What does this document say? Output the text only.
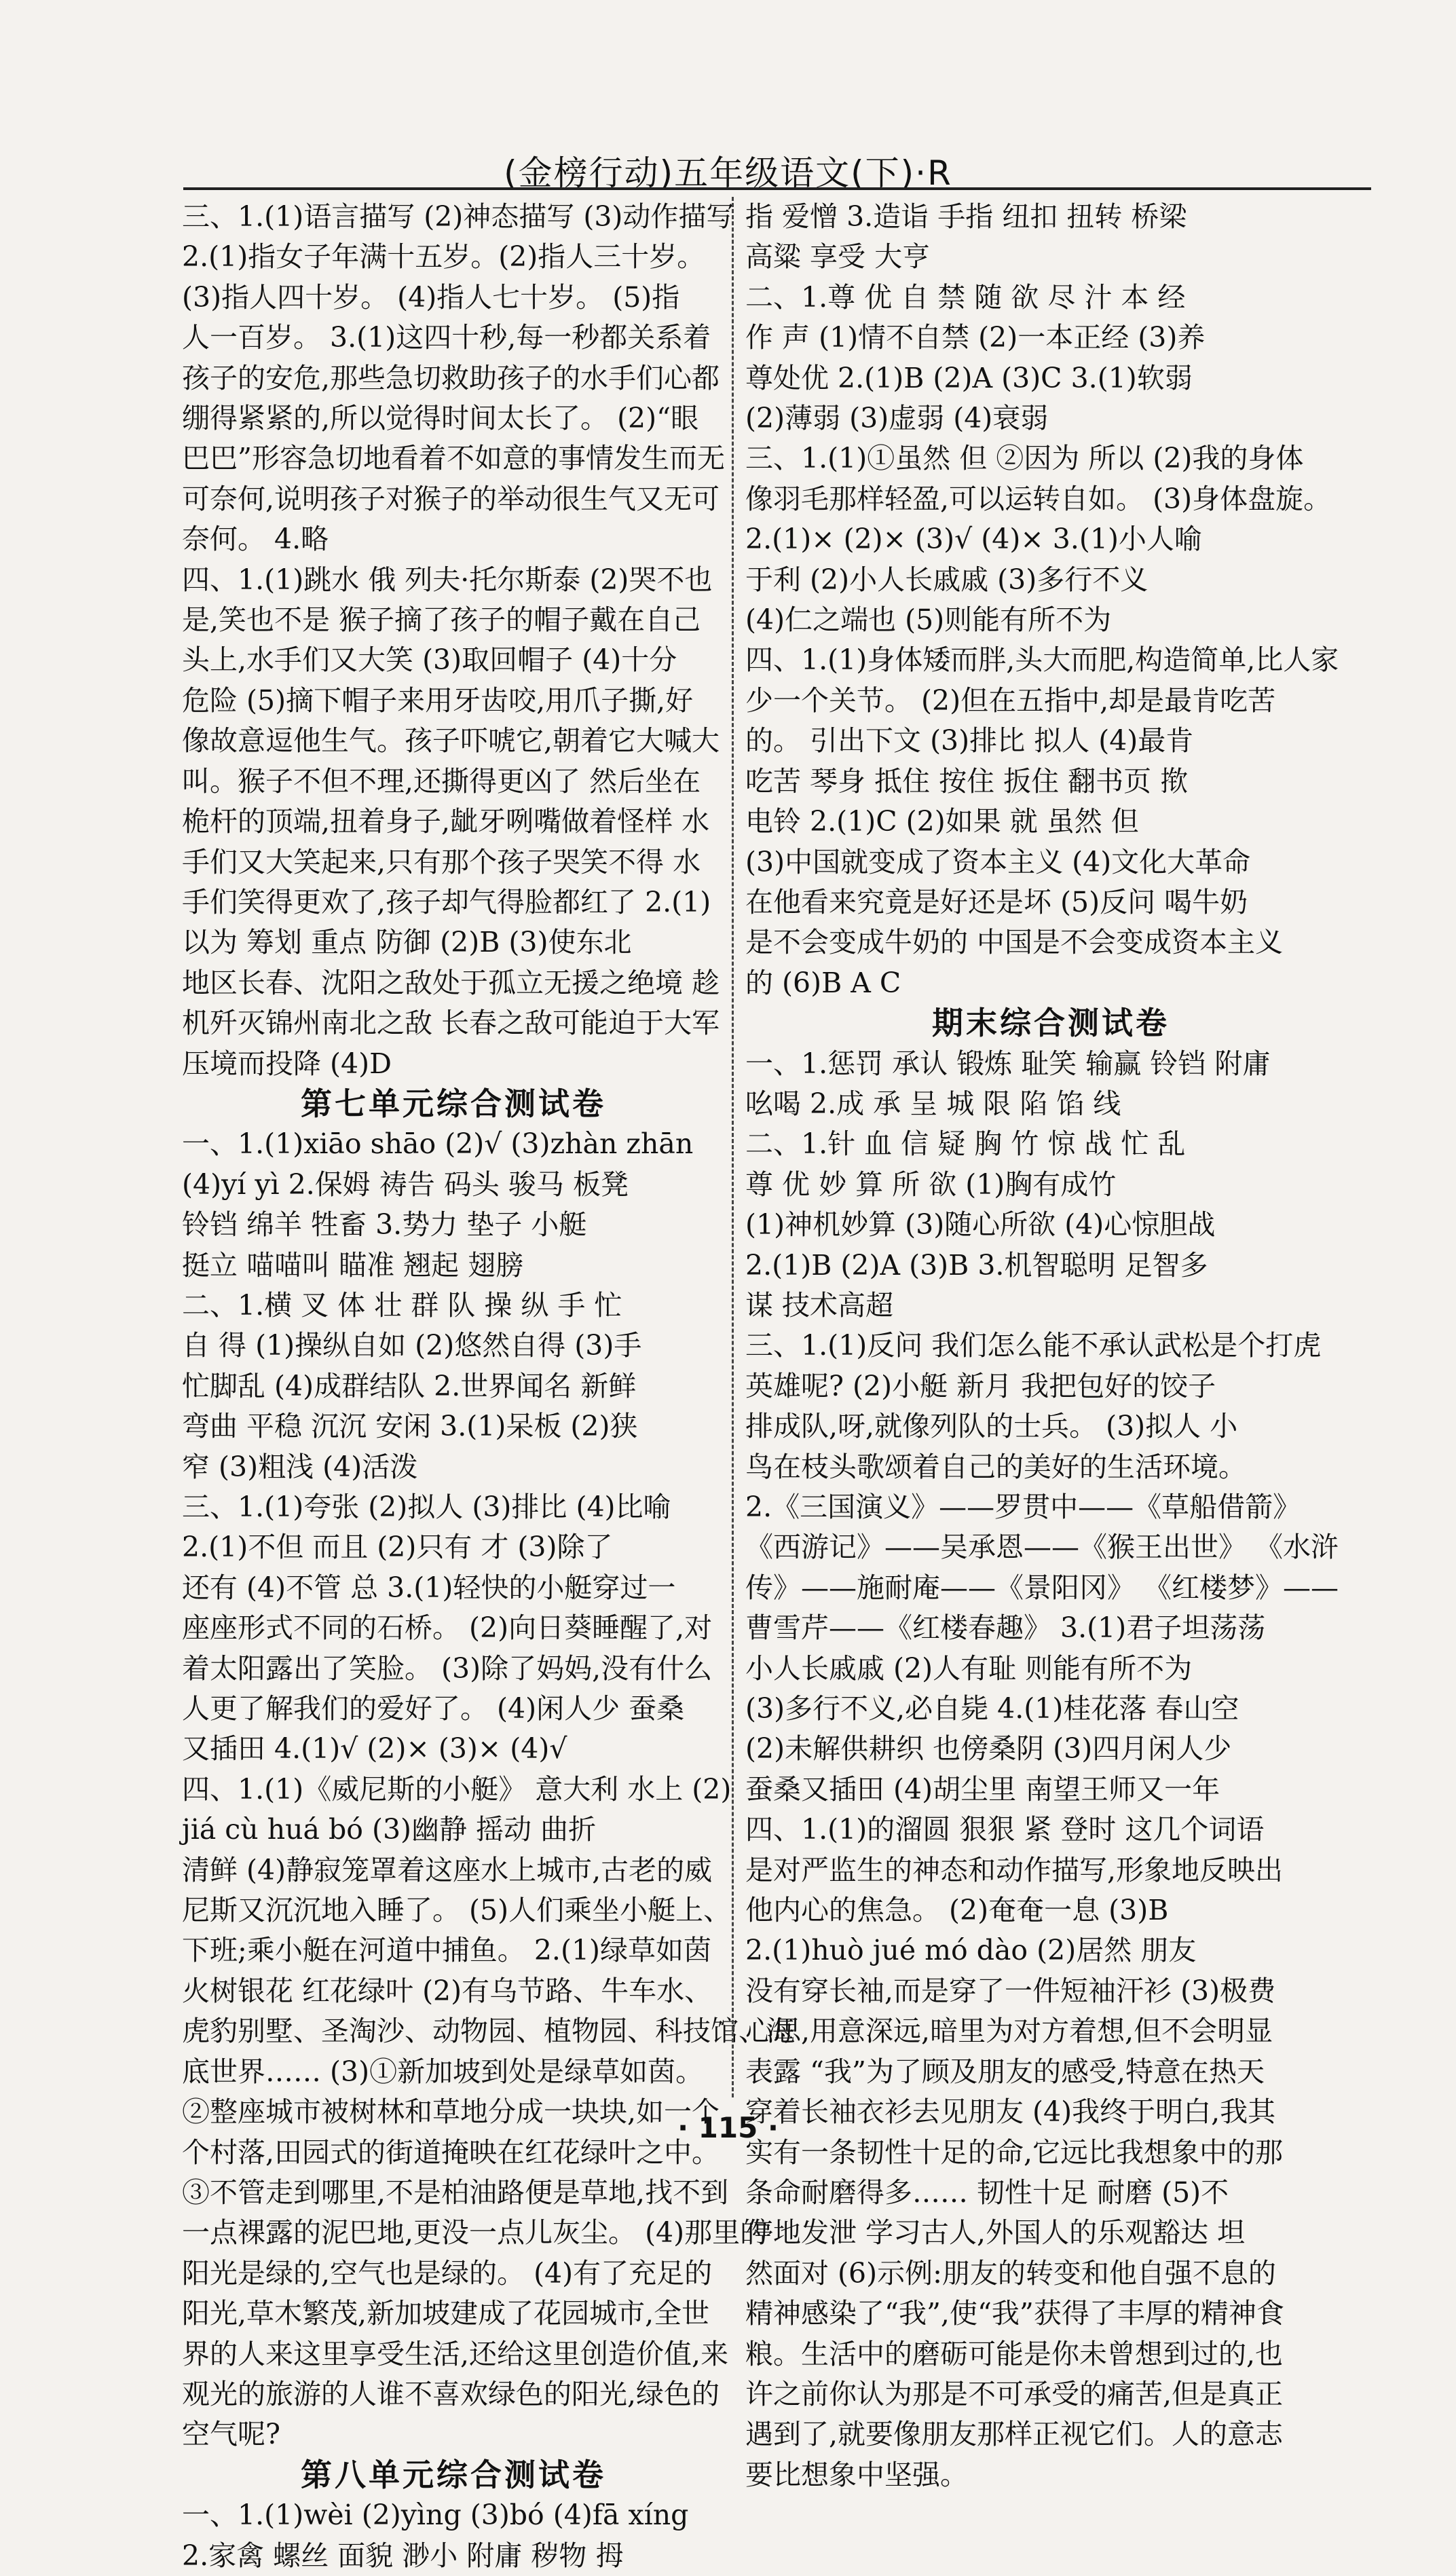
(金榜行动)五年级语文(下)·R
三、1.(1)语言描写 (2)神态描写 (3)动作描写
2.(1)指女子年满十五岁。(2)指人三十岁。
(3)指人四十岁。 (4)指人七十岁。 (5)指
人一百岁。 3.(1)这四十秒,每一秒都关系着
孩子的安危,那些急切救助孩子的水手们心都
绷得紧紧的,所以觉得时间太长了。 (2)“眼
巴巴”形容急切地看着不如意的事情发生而无
可奈何,说明孩子对猴子的举动很生气又无可
奈何。 4.略
四、1.(1)跳水 俄 列夫·托尔斯泰 (2)哭不也
是,笑也不是 猴子摘了孩子的帽子戴在自己
头上,水手们又大笑 (3)取回帽子 (4)十分
危险 (5)摘下帽子来用牙齿咬,用爪子撕,好
像故意逗他生气。孩子吓唬它,朝着它大喊大
叫。猴子不但不理,还撕得更凶了 然后坐在
桅杆的顶端,扭着身子,龇牙咧嘴做着怪样 水
手们又大笑起来,只有那个孩子哭笑不得 水
手们笑得更欢了,孩子却气得脸都红了 2.(1)
以为 筹划 重点 防御 (2)B (3)使东北
地区长春、沈阳之敌处于孤立无援之绝境 趁
机歼灭锦州南北之敌 长春之敌可能迫于大军
压境而投降 (4)D
第七单元综合测试卷
一、1.(1)xiāo shāo (2)√ (3)zhàn zhān
(4)yí yì 2.保姆 祷告 码头 骏马 板凳
铃铛 绵羊 牲畜 3.势力 垫子 小艇
挺立 喵喵叫 瞄准 翘起 翅膀
二、1.横 叉 体 壮 群 队 操 纵 手 忙
自 得 (1)操纵自如 (2)悠然自得 (3)手
忙脚乱 (4)成群结队 2.世界闻名 新鲜
弯曲 平稳 沉沉 安闲 3.(1)呆板 (2)狭
窄 (3)粗浅 (4)活泼
三、1.(1)夸张 (2)拟人 (3)排比 (4)比喻
2.(1)不但 而且 (2)只有 才 (3)除了
还有 (4)不管 总 3.(1)轻快的小艇穿过一
座座形式不同的石桥。 (2)向日葵睡醒了,对
着太阳露出了笑脸。 (3)除了妈妈,没有什么
人更了解我们的爱好了。 (4)闲人少 蚕桑
又插田 4.(1)√ (2)× (3)× (4)√
四、1.(1)《威尼斯的小艇》 意大利 水上 (2)
jiá cù huá bó (3)幽静 摇动 曲折
清鲜 (4)静寂笼罩着这座水上城市,古老的威
尼斯又沉沉地入睡了。 (5)人们乘坐小艇上、
下班;乘小艇在河道中捕鱼。 2.(1)绿草如茵
火树银花 红花绿叶 (2)有乌节路、牛车水、
虎豹别墅、圣淘沙、动物园、植物园、科技馆、海
底世界…… (3)①新加坡到处是绿草如茵。
②整座城市被树林和草地分成一块块,如一个
个村落,田园式的街道掩映在红花绿叶之中。
③不管走到哪里,不是柏油路便是草地,找不到
一点裸露的泥巴地,更没一点儿灰尘。 (4)那里的
阳光是绿的,空气也是绿的。 (4)有了充足的
阳光,草木繁茂,新加坡建成了花园城市,全世
界的人来这里享受生活,还给这里创造价值,来
观光的旅游的人谁不喜欢绿色的阳光,绿色的
空气呢?
第八单元综合测试卷
一、1.(1)wèi (2)yìng (3)bó (4)fā xíng
2.家禽 螺丝 面貌 渺小 附庸 秽物 拇
指 爱憎 3.造诣 手指 纽扣 扭转 桥梁
高粱 享受 大亨
二、1.尊 优 自 禁 随 欲 尽 汁 本 经
作 声 (1)情不自禁 (2)一本正经 (3)养
尊处优 2.(1)B (2)A (3)C 3.(1)软弱
(2)薄弱 (3)虚弱 (4)衰弱
三、1.(1)①虽然 但 ②因为 所以 (2)我的身体
像羽毛那样轻盈,可以运转自如。 (3)身体盘旋。
2.(1)× (2)× (3)√ (4)× 3.(1)小人喻
于利 (2)小人长戚戚 (3)多行不义
(4)仁之端也 (5)则能有所不为
四、1.(1)身体矮而胖,头大而肥,构造简单,比人家
少一个关节。 (2)但在五指中,却是最肯吃苦
的。 引出下文 (3)排比 拟人 (4)最肯
吃苦 琴身 抵住 按住 扳住 翻书页 揿
电铃 2.(1)C (2)如果 就 虽然 但
(3)中国就变成了资本主义 (4)文化大革命
在他看来究竟是好还是坏 (5)反问 喝牛奶
是不会变成牛奶的 中国是不会变成资本主义
的 (6)B A C
期末综合测试卷
一、1.惩罚 承认 锻炼 耻笑 输赢 铃铛 附庸
吆喝 2.成 承 呈 城 限 陷 馅 线
二、1.针 血 信 疑 胸 竹 惊 战 忙 乱
尊 优 妙 算 所 欲 (1)胸有成竹
(1)神机妙算 (3)随心所欲 (4)心惊胆战
2.(1)B (2)A (3)B 3.机智聪明 足智多
谋 技术高超
三、1.(1)反问 我们怎么能不承认武松是个打虎
英雄呢? (2)小艇 新月 我把包好的饺子
排成队,呀,就像列队的士兵。 (3)拟人 小
鸟在枝头歌颂着自己的美好的生活环境。
2.《三国演义》——罗贯中——《草船借箭》
《西游记》——吴承恩——《猴王出世》 《水浒
传》——施耐庵——《景阳冈》 《红楼梦》——
曹雪芹——《红楼春趣》 3.(1)君子坦荡荡
小人长戚戚 (2)人有耻 则能有所不为
(3)多行不义,必自毙 4.(1)桂花落 春山空
(2)未解供耕织 也傍桑阴 (3)四月闲人少
蚕桑又插田 (4)胡尘里 南望王师又一年
四、1.(1)的溜圆 狠狠 紧 登时 这几个词语
是对严监生的神态和动作描写,形象地反映出
他内心的焦急。 (2)奄奄一息 (3)B
2.(1)huò jué mó dào (2)居然 朋友
没有穿长袖,而是穿了一件短袖汗衫 (3)极费
心思,用意深远,暗里为对方着想,但不会明显
表露 “我”为了顾及朋友的感受,特意在热天
穿着长袖衣衫去见朋友 (4)我终于明白,我其
实有一条韧性十足的命,它远比我想象中的那
条命耐磨得多…… 韧性十足 耐磨 (5)不
停地发泄 学习古人,外国人的乐观豁达 坦
然面对 (6)示例:朋友的转变和他自强不息的
精神感染了“我”,使“我”获得了丰厚的精神食
粮。生活中的磨砺可能是你未曾想到过的,也
许之前你认为那是不可承受的痛苦,但是真正
遇到了,就要像朋友那样正视它们。人的意志
要比想象中坚强。
· 115 ·
